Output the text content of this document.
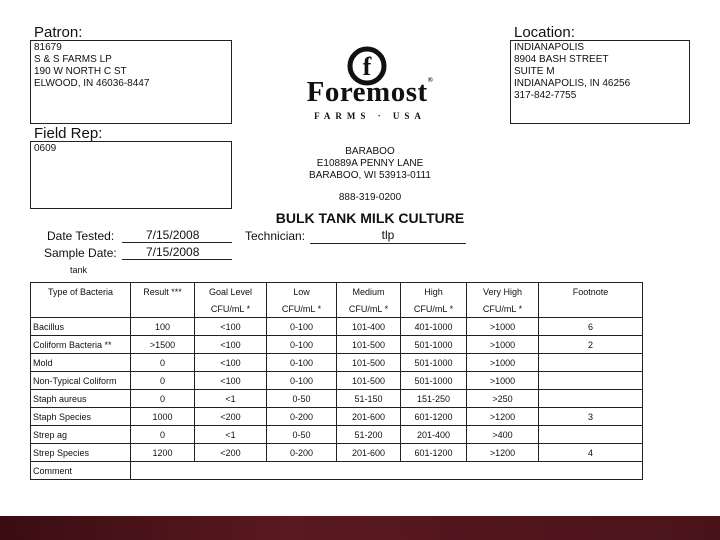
Patron:
81679
S & S FARMS LP
190 W NORTH C ST
ELWOOD, IN 46036-8447
Location:
INDIANAPOLIS
8904 BASH STREET
SUITE M
INDIANAPOLIS, IN 46256
317-842-7755
f
Foremost®
FARMS · USA
Field Rep:
0609	BARABOO
E10889A PENNY LANE
BARABOO, WI 53913-0111
888-319-0200
BULK TANK MILK CULTURE
Date Tested:	7/15/2008
Sample Date:	7/15/2008
Technician:	tlp
tank
Type of Bacteria	Result ***	Goal Level	Low	Medium	High	Very High	Footnote
		CFU/mL *	CFU/mL *	CFU/mL *	CFU/mL *	CFU/mL *	
Bacillus	100	<100	0-100	101-400	401-1000	>1000	6
Coliform Bacteria **	>1500	<100	0-100	101-500	501-1000	>1000	2
Mold	0	<100	0-100	101-500	501-1000	>1000	
Non-Typical Coliform	0	<100	0-100	101-500	501-1000	>1000	
Staph aureus	0	<1	0-50	51-150	151-250	>250	
Staph Species	1000	<200	0-200	201-600	601-1200	>1200	3
Strep ag	0	<1	0-50	51-200	201-400	>400	
Strep Species	1200	<200	0-200	201-600	601-1200	>1200	4
Comment							
